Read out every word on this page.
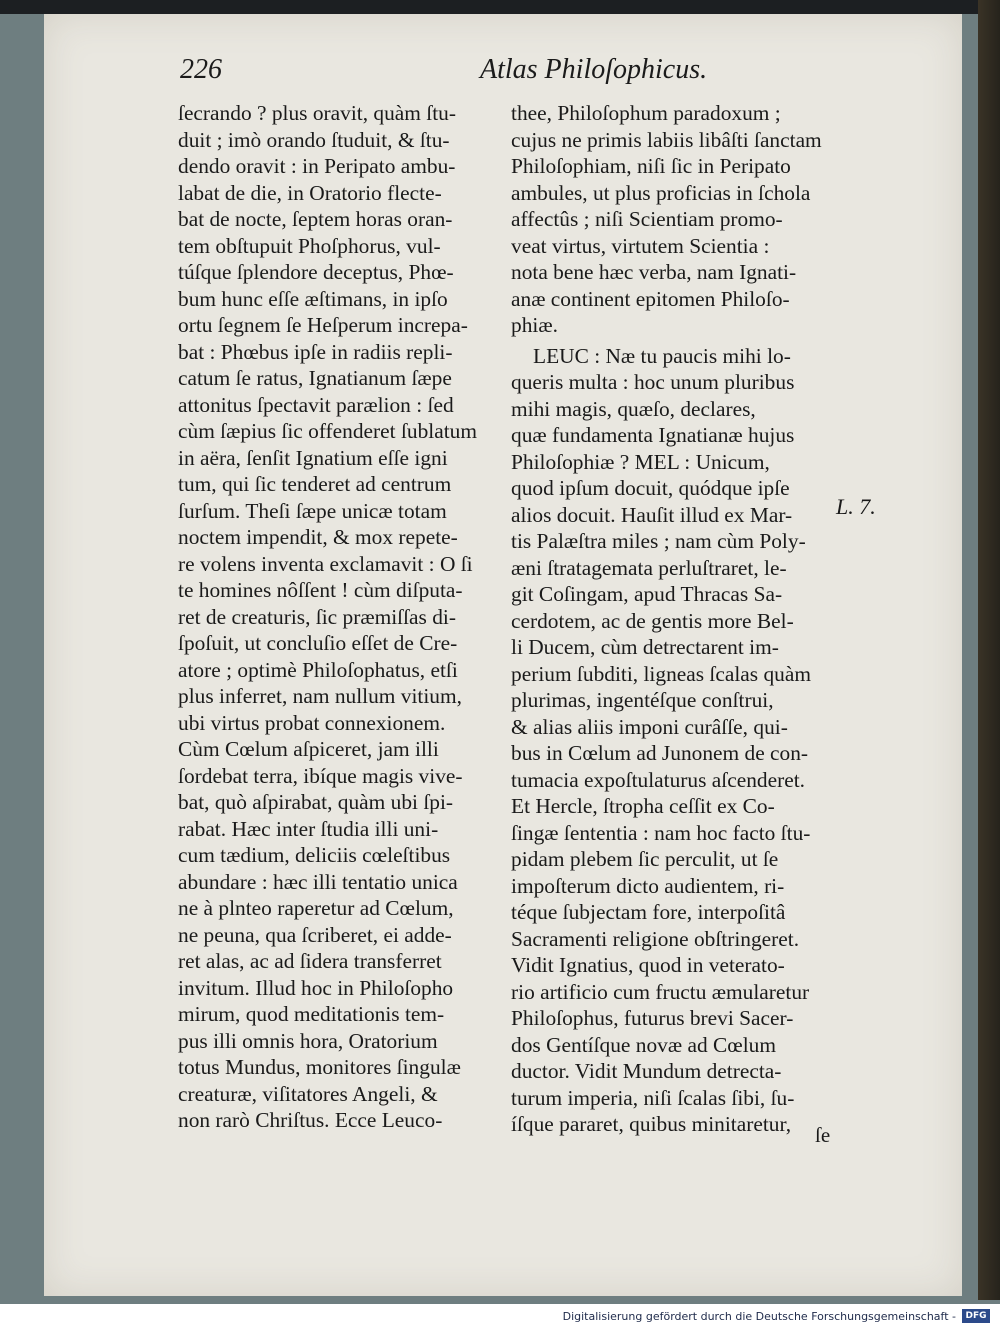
226	Atlas Philoſophicus.
ſecrando ? plus oravit, quàm ſtu-
duit ; imò orando ſtuduit, & ſtu-
dendo oravit : in Peripato ambu-
labat de die, in Oratorio flecte-
bat de nocte, ſeptem horas oran-
tem obſtupuit Phoſphorus, vul-
túſque ſplendore deceptus, Phœ-
bum hunc eſſe æſtimans, in ipſo
ortu ſegnem ſe Heſperum increpa-
bat : Phœbus ipſe in radiis repli-
catum ſe ratus, Ignatianum ſæpe
attonitus ſpectavit parælion : ſed
cùm ſæpius ſic offenderet ſublatum
in aëra, ſenſit Ignatium eſſe igni
tum, qui ſic tenderet ad centrum
ſurſum. Theſi ſæpe unicæ totam
noctem impendit, & mox repete-
re volens inventa exclamavit : O ſi
te homines nôſſent ! cùm diſputa-
ret de creaturis, ſic præmiſſas di-
ſpoſuit, ut concluſio eſſet de Cre-
atore ; optimè Philoſophatus, etſi
plus inferret, nam nullum vitium,
ubi virtus probat connexionem.
Cùm Cœlum aſpiceret, jam illi
ſordebat terra, ibíque magis vive-
bat, quò aſpirabat, quàm ubi ſpi-
rabat. Hæc inter ſtudia illi uni-
cum tædium, deliciis cœleſtibus
abundare : hæc illi tentatio unica
ne à plnteo raperetur ad Cœlum,
ne peuna, qua ſcriberet, ei adde-
ret alas, ac ad ſidera transferret
invitum. Illud hoc in Philoſopho
mirum, quod meditationis tem-
pus illi omnis hora, Oratorium
totus Mundus, monitores ſingulæ
creaturæ, viſitatores Angeli, &
non rarò Chriſtus. Ecce Leuco-
thee, Philoſophum paradoxum ;
cujus ne primis labiis libâſti ſanctam
Philoſophiam, niſi ſic in Peripato
ambules, ut plus proficias in ſchola
affectûs ; niſi Scientiam promo-
veat virtus, virtutem Scientia :
nota bene hæc verba, nam Ignati-
anæ continent epitomen Philoſo-
phiæ.
LEUC : Næ tu paucis mihi lo-
queris multa : hoc unum pluribus
mihi magis, quæſo, declares,
quæ fundamenta Ignatianæ hujus
Philoſophiæ ? MEL : Unicum,
quod ipſum docuit, quódque ipſe
alios docuit. Hauſit illud ex Mar-
tis Palæſtra miles ; nam cùm Poly-
æni ſtratagemata perluſtraret, le-
git Coſingam, apud Thracas Sa-
cerdotem, ac de gentis more Bel-
li Ducem, cùm detrectarent im-
perium ſubditi, ligneas ſcalas quàm
plurimas, ingentéſque conſtrui,
& alias aliis imponi curâſſe, qui-
bus in Cœlum ad Junonem de con-
tumacia expoſtulaturus aſcenderet.
Et Hercle, ſtropha ceſſit ex Co-
ſingæ ſententia : nam hoc facto ſtu-
pidam plebem ſic perculit, ut ſe
impoſterum dicto audientem, ri-
téque ſubjectam fore, interpoſitâ
Sacramenti religione obſtringeret.
Vidit Ignatius, quod in veterato-
rio artificio cum fructu æmularetur
Philoſophus, futurus brevi Sacer-
dos Gentíſque novæ ad Cœlum
ductor. Vidit Mundum detrecta-
turum imperia, niſi ſcalas ſibi, ſu-
íſque pararet, quibus minitaretur,
L. 7.
ſe
Digitalisierung gefördert durch die Deutsche Forschungsgemeinschaft -	DFG
